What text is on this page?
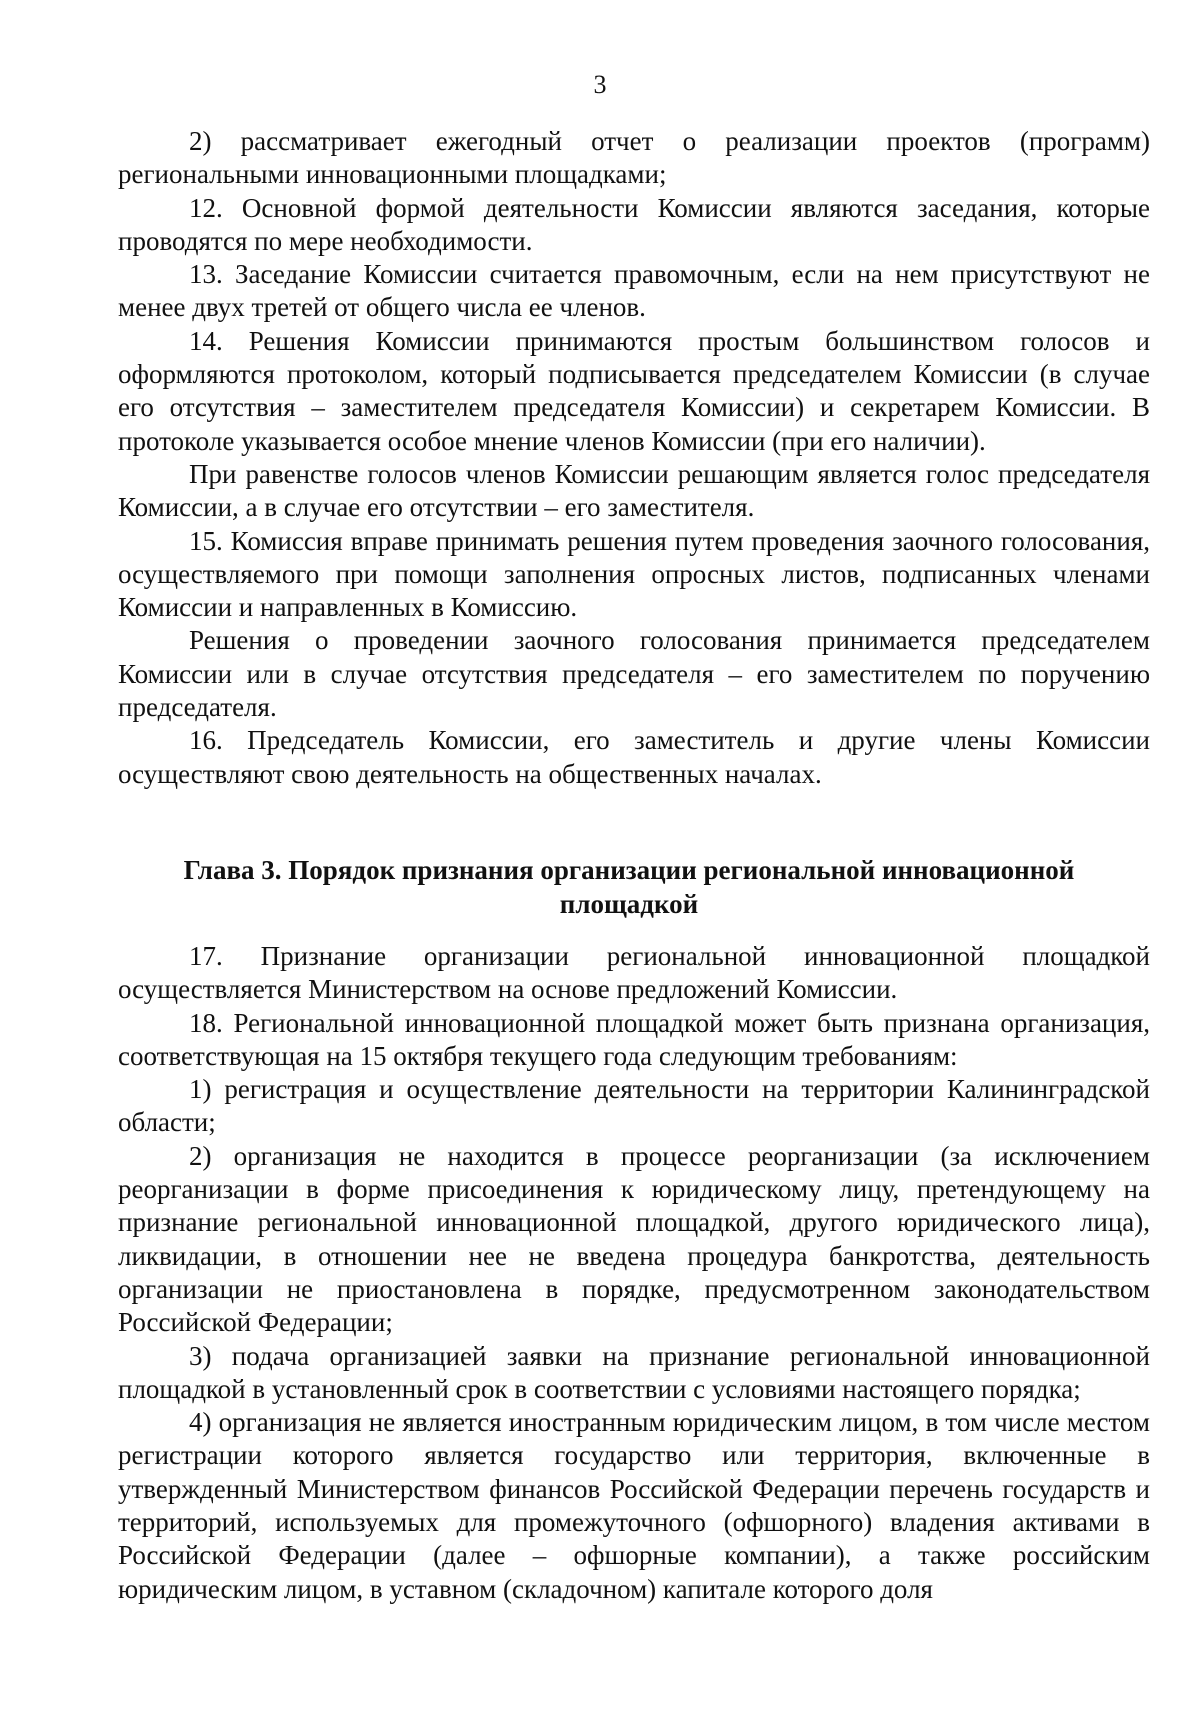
3

2) рассматривает ежегодный отчет о реализации проектов (программ) региональными инновационными площадками;

12. Основной формой деятельности Комиссии являются заседания, которые проводятся по мере необходимости.

13. Заседание Комиссии считается правомочным, если на нем присутствуют не менее двух третей от общего числа ее членов.

14. Решения Комиссии принимаются простым большинством голосов и оформляются протоколом, который подписывается председателем Комиссии (в случае его отсутствия – заместителем председателя Комиссии) и секретарем Комиссии. В протоколе указывается особое мнение членов Комиссии (при его наличии).

При равенстве голосов членов Комиссии решающим является голос председателя Комиссии, а в случае его отсутствии – его заместителя.

15. Комиссия вправе принимать решения путем проведения заочного голосования, осуществляемого при помощи заполнения опросных листов, подписанных членами Комиссии и направленных в Комиссию.

Решения о проведении заочного голосования принимается председателем Комиссии или в случае отсутствия председателя – его заместителем по поручению председателя.

16. Председатель Комиссии, его заместитель и другие члены Комиссии осуществляют свою деятельность на общественных началах.

Глава 3. Порядок признания организации региональной инновационной площадкой

17. Признание организации региональной инновационной площадкой осуществляется Министерством на основе предложений Комиссии.

18. Региональной инновационной площадкой может быть признана организация, соответствующая на 15 октября текущего года следующим требованиям:

1) регистрация и осуществление деятельности на территории Калининградской области;

2) организация не находится в процессе реорганизации (за исключением реорганизации в форме присоединения к юридическому лицу, претендующему на признание региональной инновационной площадкой, другого юридического лица), ликвидации, в отношении нее не введена процедура банкротства, деятельность организации не приостановлена в порядке, предусмотренном законодательством Российской Федерации;

3) подача организацией заявки на признание региональной инновационной площадкой в установленный срок в соответствии с условиями настоящего порядка;

4) организация не является иностранным юридическим лицом, в том числе местом регистрации которого является государство или территория, включенные в утвержденный Министерством финансов Российской Федерации перечень государств и территорий, используемых для промежуточного (офшорного) владения активами в Российской Федерации (далее – офшорные компании), а также российским юридическим лицом, в уставном (складочном) капитале которого доля
